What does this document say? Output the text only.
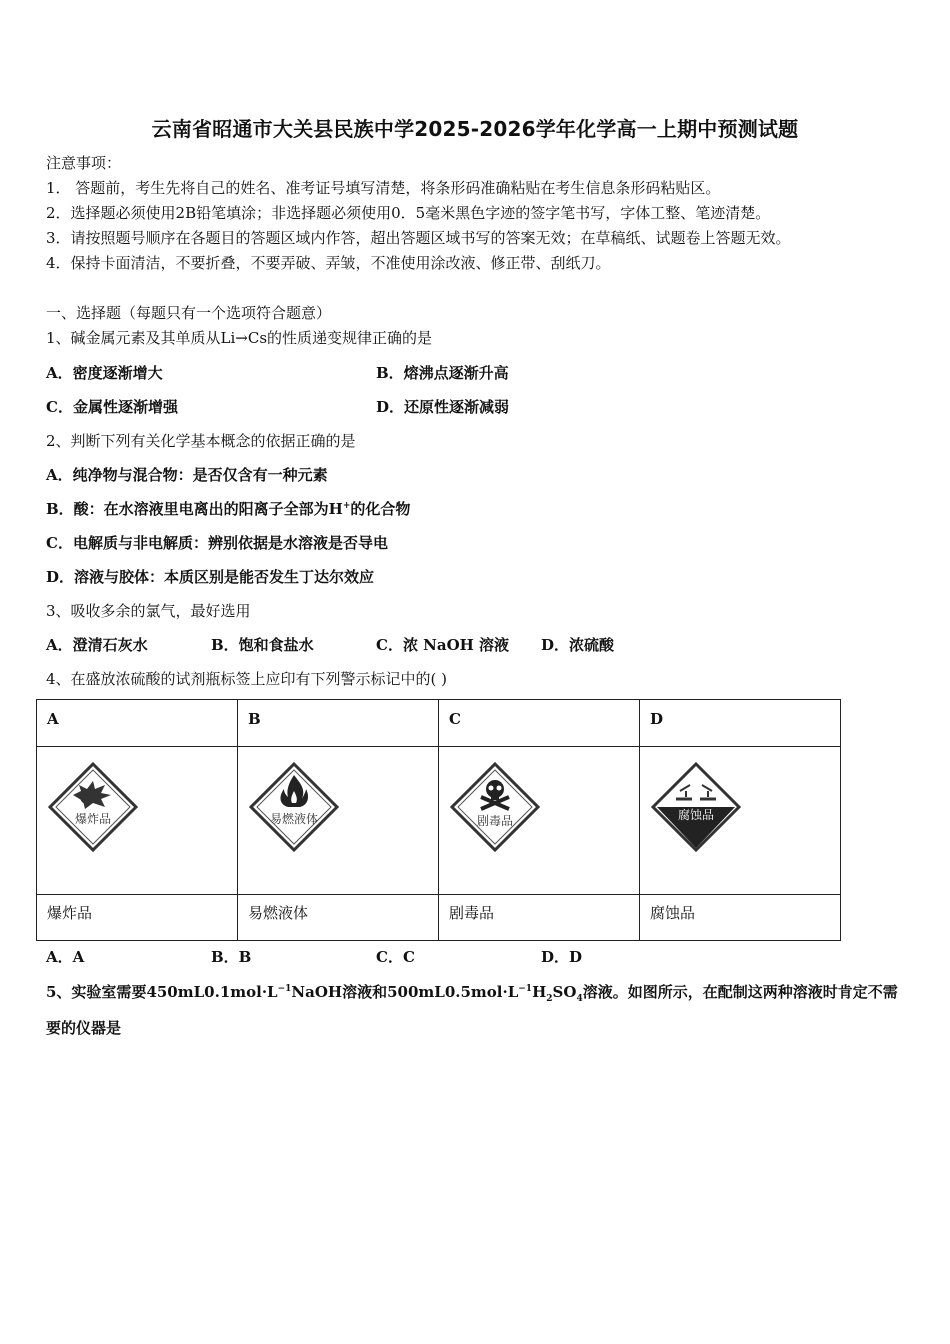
云南省昭通市大关县民族中学2025-2026学年化学高一上期中预测试题
注意事项：
1． 答题前，考生先将自己的姓名、准考证号填写清楚，将条形码准确粘贴在考生信息条形码粘贴区。
2．选择题必须使用2B铅笔填涂；非选择题必须使用0．5毫米黑色字迹的签字笔书写，字体工整、笔迹清楚。
3．请按照题号顺序在各题目的答题区域内作答，超出答题区域书写的答案无效；在草稿纸、试题卷上答题无效。
4．保持卡面清洁，不要折叠，不要弄破、弄皱，不准使用涂改液、修正带、刮纸刀。
一、选择题（每题只有一个选项符合题意）
1、碱金属元素及其单质从Li→Cs的性质递变规律正确的是
A．密度逐渐增大	B．熔沸点逐渐升高
C．金属性逐渐增强	D．还原性逐渐减弱
2、判断下列有关化学基本概念的依据正确的是
A．纯净物与混合物：是否仅含有一种元素
B．酸：在水溶液里电离出的阳离子全部为H+的化合物
C．电解质与非电解质：辨别依据是水溶液是否导电
D．溶液与胶体：本质区别是能否发生丁达尔效应
3、吸收多余的氯气，最好选用
A．澄清石灰水	B．饱和食盐水	C．浓 NaOH 溶液 D．浓硫酸
4、在盛放浓硫酸的试剂瓶标签上应印有下列警示标记中的( )
A	B	C	D

爆炸品	易燃液体	剧毒品	腐蚀品

爆炸品	易燃液体	剧毒品	腐蚀品
A．A	B．B	C．C	D．D
5、实验室需要$450mL0.1mol\cdot L^{-1}NaOH$溶液和$500mL0.5mol\cdot L^{-1}H_2SO_4$溶液。如图所示，在配制这两种溶液时肯定不需
要的仪器是
